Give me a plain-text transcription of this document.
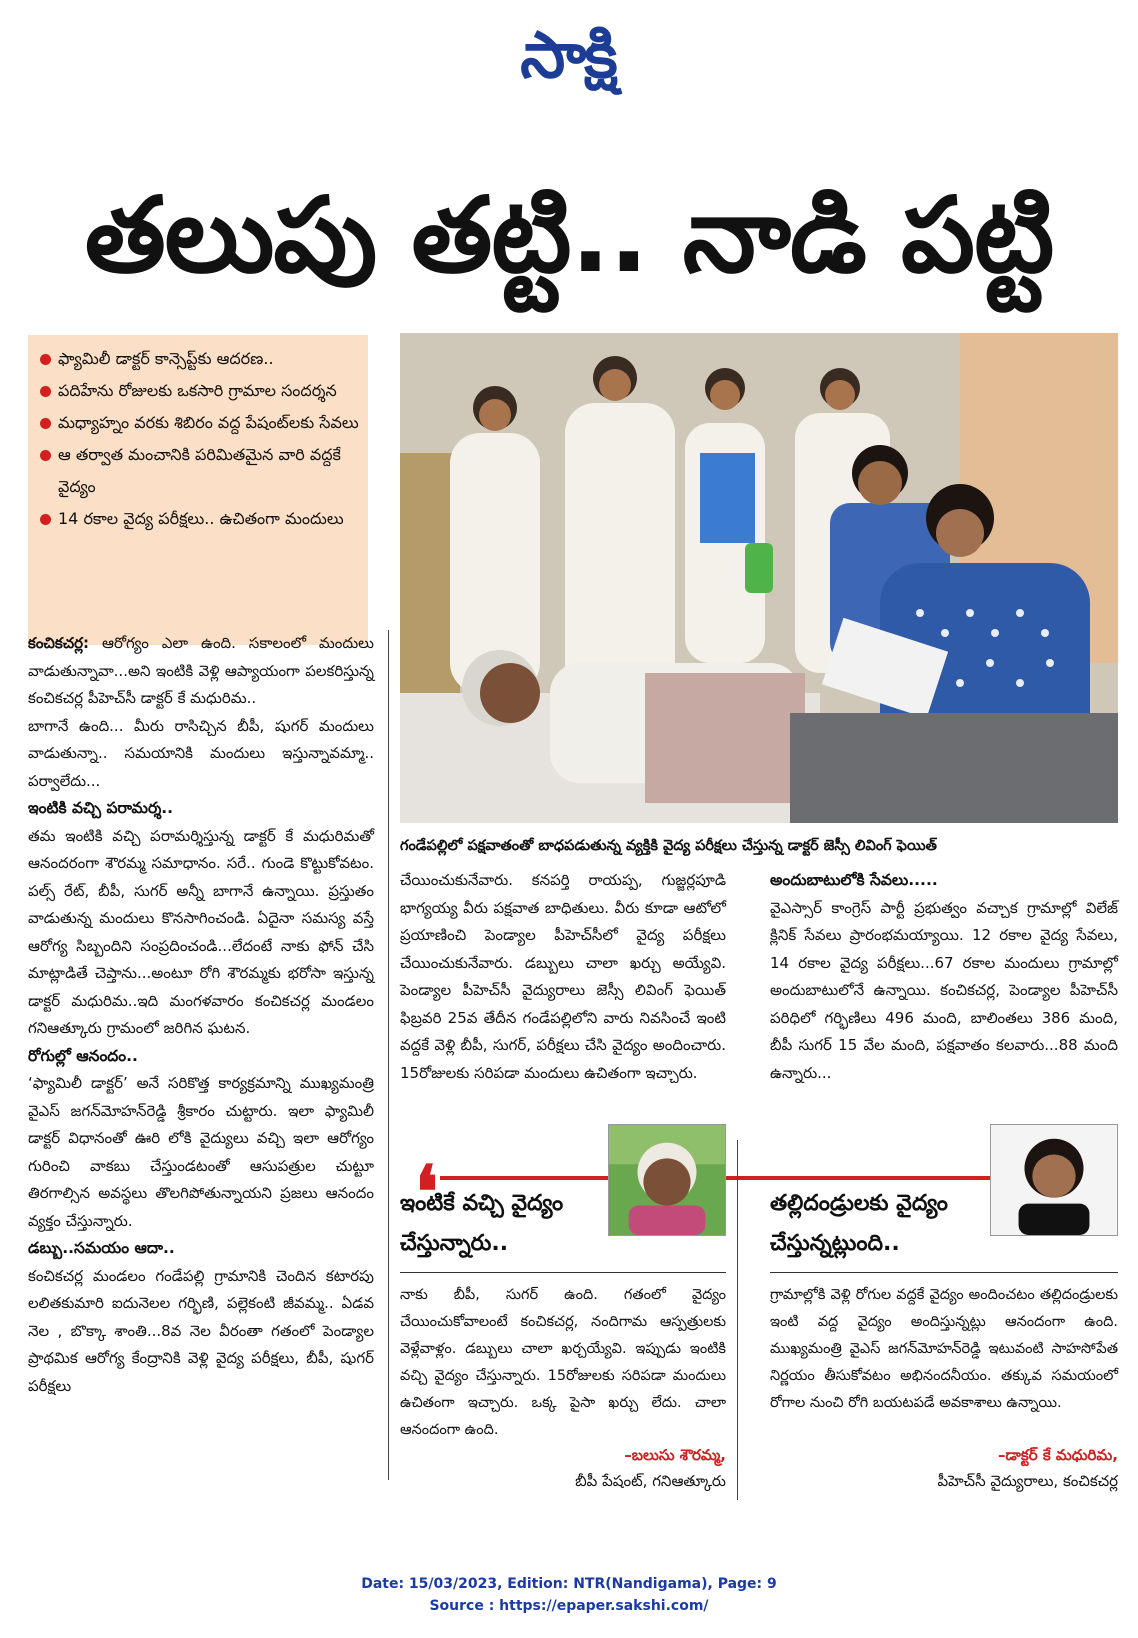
సాక్షి
తలుపు తట్టి.. నాడి పట్టి
ఫ్యామిలీ డాక్టర్ కాన్సెప్ట్‌కు ఆదరణ..
పదిహేను రోజులకు ఒకసారి గ్రామాల సందర్శన
మధ్యాహ్నం వరకు శిబిరం వద్ద పేషంట్‌లకు సేవలు
ఆ తర్వాత మంచానికి పరిమితమైన వారి వద్దకే వైద్యం
14 రకాల వైద్య పరీక్షలు.. ఉచితంగా మందులు
గండేపల్లిలో పక్షవాతంతో బాధపడుతున్న వ్యక్తికి వైద్య పరీక్షలు చేస్తున్న డాక్టర్ జెస్సీ లివింగ్ ఫెయిత్

కంచికచర్ల: ఆరోగ్యం ఎలా ఉంది. సకాలంలో మందులు వాడుతున్నావా...అని ఇంటికి వెళ్లి ఆప్యాయంగా పలకరిస్తున్న కంచికచర్ల పీహెచ్‌సీ డాక్టర్ కే మధురిమ..

బాగానే ఉంది... మీరు రాసిచ్చిన బీపీ, షుగర్ మందులు వాడుతున్నా.. సమయానికి మందులు ఇస్తున్నావమ్మా.. పర్వాలేదు...

ఇంటికి వచ్చి పరామర్శ..

తమ ఇంటికి వచ్చి పరామర్శిస్తున్న డాక్టర్ కే మధురిమతో ఆనందరంగా శౌరమ్మ సమాధానం. సరే.. గుండె కొట్టుకోవటం. పల్స్ రేట్, బీపీ, సుగర్ అన్నీ బాగానే ఉన్నాయి. ప్రస్తుతం వాడుతున్న మందులు కొనసాగించండి. ఏదైనా సమస్య వస్తే ఆరోగ్య సిబ్బందిని సంప్రదించండి...లేదంటే నాకు ఫోన్ చేసి మాట్లాడితే చెప్తాను...అంటూ రోగి శౌరమ్మకు భరోసా ఇస్తున్న డాక్టర్ మధురిమ..ఇది మంగళవారం కంచికచర్ల మండలం గనిఆత్కూరు గ్రామంలో జరిగిన ఘటన.

రోగుల్లో ఆనందం..

‘ఫ్యామిలీ డాక్టర్’ అనే సరికొత్త కార్యక్రమాన్ని ముఖ్యమంత్రి వైఎస్ జగన్‌మోహన్‌రెడ్డి శ్రీకారం చుట్టారు. ఇలా ఫ్యామిలీ డాక్టర్ విధానంతో ఊరి లోకి వైద్యులు వచ్చి ఇలా ఆరోగ్యం గురించి వాకబు చేస్తుండటంతో ఆసుపత్రుల చుట్టూ తిరగాల్సిన అవస్థలు తొలగిపోతున్నాయని ప్రజలు ఆనందం వ్యక్తం చేస్తున్నారు.

డబ్బు..సమయం ఆదా..

కంచికచర్ల మండలం గండేపల్లి గ్రామానికి చెందిన కటారపు లలితకుమారి ఐదునెలల గర్భిణి, పల్లెకంటి జీవమ్మ.. ఏడవ నెల , బొక్కా శాంతి...8వ నెల వీరంతా గతంలో పెండ్యాల ప్రాథమిక ఆరోగ్య కేంద్రానికి వెళ్లి వైద్య పరీక్షలు, బీపీ, షుగర్ పరీక్షలు

చేయించుకునేవారు. కనపర్తి రాయప్ప, గుజ్జర్లపూడి భాగ్యయ్య వీరు పక్షవాత బాధితులు. వీరు కూడా ఆటోలో ప్రయాణించి పెండ్యాల పీహెచ్‌సీలో వైద్య పరీక్షలు చేయించుకునేవారు. డబ్బులు చాలా ఖర్చు అయ్యేవి. పెండ్యాల పీహెచ్‌సీ వైద్యురాలు జెస్సీ లివింగ్ ఫెయిత్ ఫిబ్రవరి 25వ తేదీన గండేపల్లిలోని వారు నివసించే ఇంటి వద్దకే వెళ్లి బీపీ, సుగర్, పరీక్షలు చేసి వైద్యం అందించారు. 15రోజులకు సరిపడా మందులు ఉచితంగా ఇచ్చారు.

అందుబాటులోకి సేవలు.....

వైఎస్సార్ కాంగ్రెస్ పార్టీ ప్రభుత్వం వచ్చాక గ్రామాల్లో విలేజ్ క్లినిక్ సేవలు ప్రారంభమయ్యాయి. 12 రకాల వైద్య సేవలు, 14 రకాల వైద్య పరీక్షలు...67 రకాల మందులు గ్రామాల్లో అందుబాటులోనే ఉన్నాయి. కంచికచర్ల, పెండ్యాల పీహెచ్‌సీ పరిధిలో గర్భిణిలు 496 మంది, బాలింతలు 386 మంది, బీపీ సుగర్ 15 వేల మంది, పక్షవాతం కలవారు...88 మంది ఉన్నారు...

❛
ఇంటికే వచ్చి వైద్యం చేస్తున్నారు..

నాకు బీపీ, సుగర్ ఉంది. గతంలో వైద్యం చేయించుకోవాలంటే కంచికచర్ల, నందిగామ ఆస్పత్రులకు వెళ్లేవాళ్లం. డబ్బులు చాలా ఖర్చయ్యేవి. ఇప్పుడు ఇంటికి వచ్చి వైద్యం చేస్తున్నారు. 15రోజులకు సరిపడా మందులు ఉచితంగా ఇచ్చారు. ఒక్క పైసా ఖర్చు లేదు. చాలా ఆనందంగా ఉంది.

–బలుసు శౌరమ్మ,
బీపీ పేషంట్, గనిఆత్కూరు
తల్లిదండ్రులకు వైద్యం చేస్తున్నట్లుంది..

గ్రామాల్లోకి వెళ్లి రోగుల వద్దకే వైద్యం అందించటం తల్లిదండ్రులకు ఇంటి వద్ద వైద్యం అందిస్తున్నట్లు ఆనందంగా ఉంది. ముఖ్యమంత్రి వైఎస్ జగన్‌మోహన్‌రెడ్డి ఇటువంటి సాహసోపేత నిర్ణయం తీసుకోవటం అభినందనీయం. తక్కువ సమయంలో రోగాల నుంచి రోగి బయటపడే అవకాశాలు ఉన్నాయి.

–డాక్టర్ కే మధురిమ,
పీహెచ్‌సీ వైద్యురాలు, కంచికచర్ల
Date: 15/03/2023, Edition: NTR(Nandigama), Page: 9
Source : https://epaper.sakshi.com/
